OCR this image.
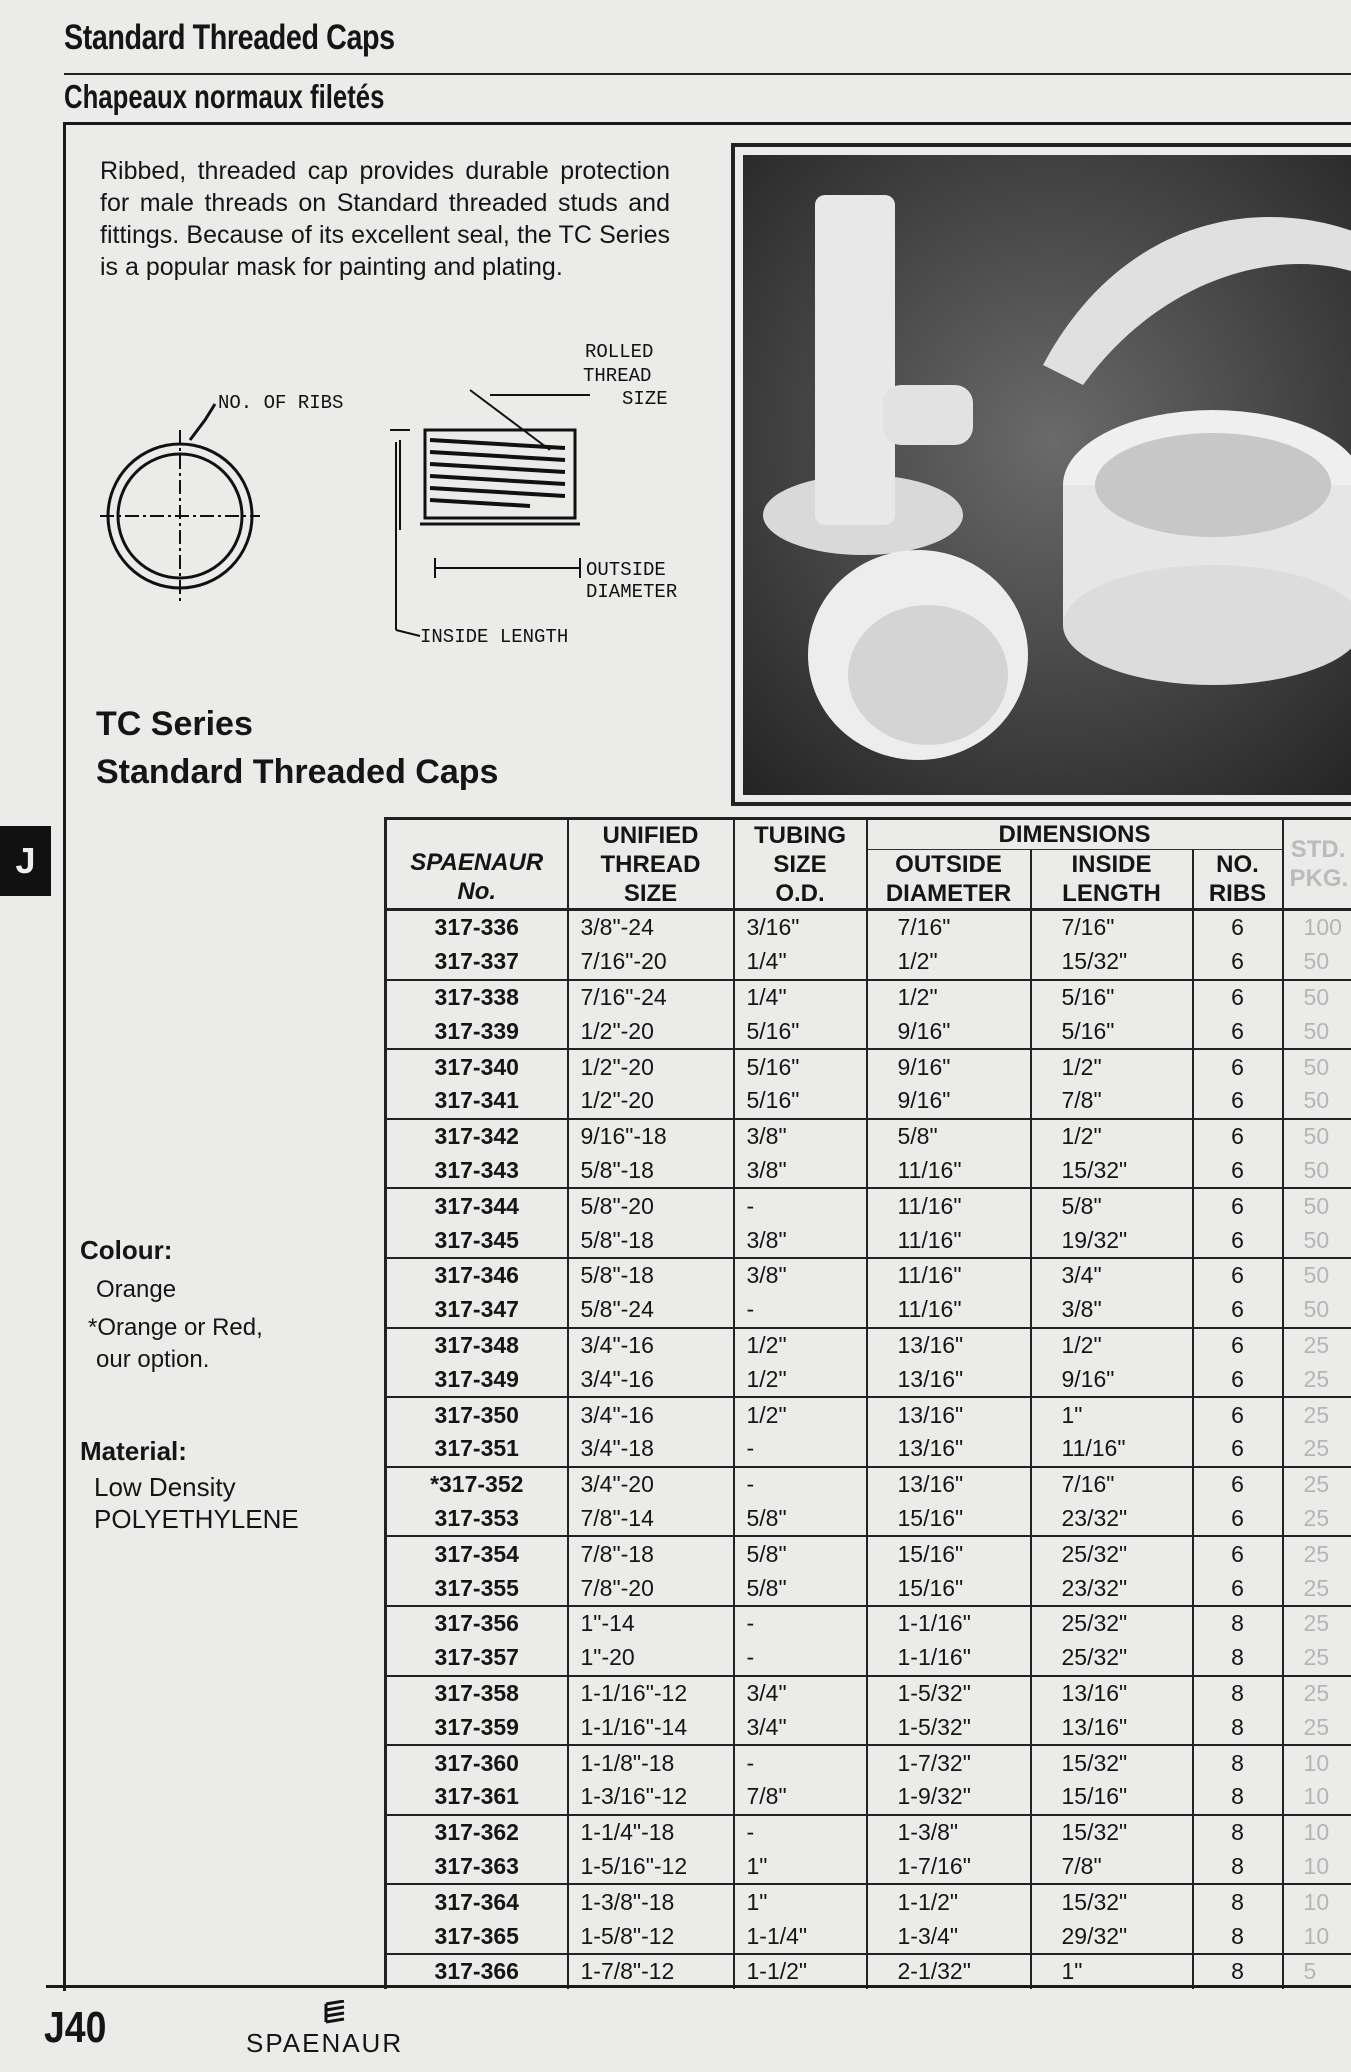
Standard Threaded Caps
Chapeaux normaux filetés
Ribbed, threaded cap provides durable protection for male threads on Standard threaded studs and fittings. Because of its excellent seal, the TC Series is a popular mask for painting and plating.
NO. OF RIBS
ROLLED
THREAD
SIZE
OUTSIDE
DIAMETER
INSIDE LENGTH
TC Series
Standard Threaded Caps
J
Colour:
Orange
*Orange or Red,
our option.
Material:
Low Density
POLYETHYLENE
SPAENAUR
No.	UNIFIED THREAD SIZE	TUBING SIZE O.D.	DIMENSIONS			STD. PKG.
			OUTSIDE DIAMETER	INSIDE LENGTH	NO. RIBS	
317-336	3/8"-24	3/16"	7/16"	7/16"	6	100
317-337	7/16"-20	1/4"	1/2"	15/32"	6	50
317-338	7/16"-24	1/4"	1/2"	5/16"	6	50
317-339	1/2"-20	5/16"	9/16"	5/16"	6	50
317-340	1/2"-20	5/16"	9/16"	1/2"	6	50
317-341	1/2"-20	5/16"	9/16"	7/8"	6	50
317-342	9/16"-18	3/8"	5/8"	1/2"	6	50
317-343	5/8"-18	3/8"	11/16"	15/32"	6	50
317-344	5/8"-20	-	11/16"	5/8"	6	50
317-345	5/8"-18	3/8"	11/16"	19/32"	6	50
317-346	5/8"-18	3/8"	11/16"	3/4"	6	50
317-347	5/8"-24	-	11/16"	3/8"	6	50
317-348	3/4"-16	1/2"	13/16"	1/2"	6	25
317-349	3/4"-16	1/2"	13/16"	9/16"	6	25
317-350	3/4"-16	1/2"	13/16"	1"	6	25
317-351	3/4"-18	-	13/16"	11/16"	6	25
*317-352	3/4"-20	-	13/16"	7/16"	6	25
317-353	7/8"-14	5/8"	15/16"	23/32"	6	25
317-354	7/8"-18	5/8"	15/16"	25/32"	6	25
317-355	7/8"-20	5/8"	15/16"	23/32"	6	25
317-356	1"-14	-	1-1/16"	25/32"	8	25
317-357	1"-20	-	1-1/16"	25/32"	8	25
317-358	1-1/16"-12	3/4"	1-5/32"	13/16"	8	25
317-359	1-1/16"-14	3/4"	1-5/32"	13/16"	8	25
317-360	1-1/8"-18	-	1-7/32"	15/32"	8	10
317-361	1-3/16"-12	7/8"	1-9/32"	15/16"	8	10
317-362	1-1/4"-18	-	1-3/8"	15/32"	8	10
317-363	1-5/16"-12	1"	1-7/16"	7/8"	8	10
317-364	1-3/8"-18	1"	1-1/2"	15/32"	8	10
317-365	1-5/8"-12	1-1/4"	1-3/4"	29/32"	8	10
317-366	1-7/8"-12	1-1/2"	2-1/32"	1"	8	5
J40	SPAENAUR
